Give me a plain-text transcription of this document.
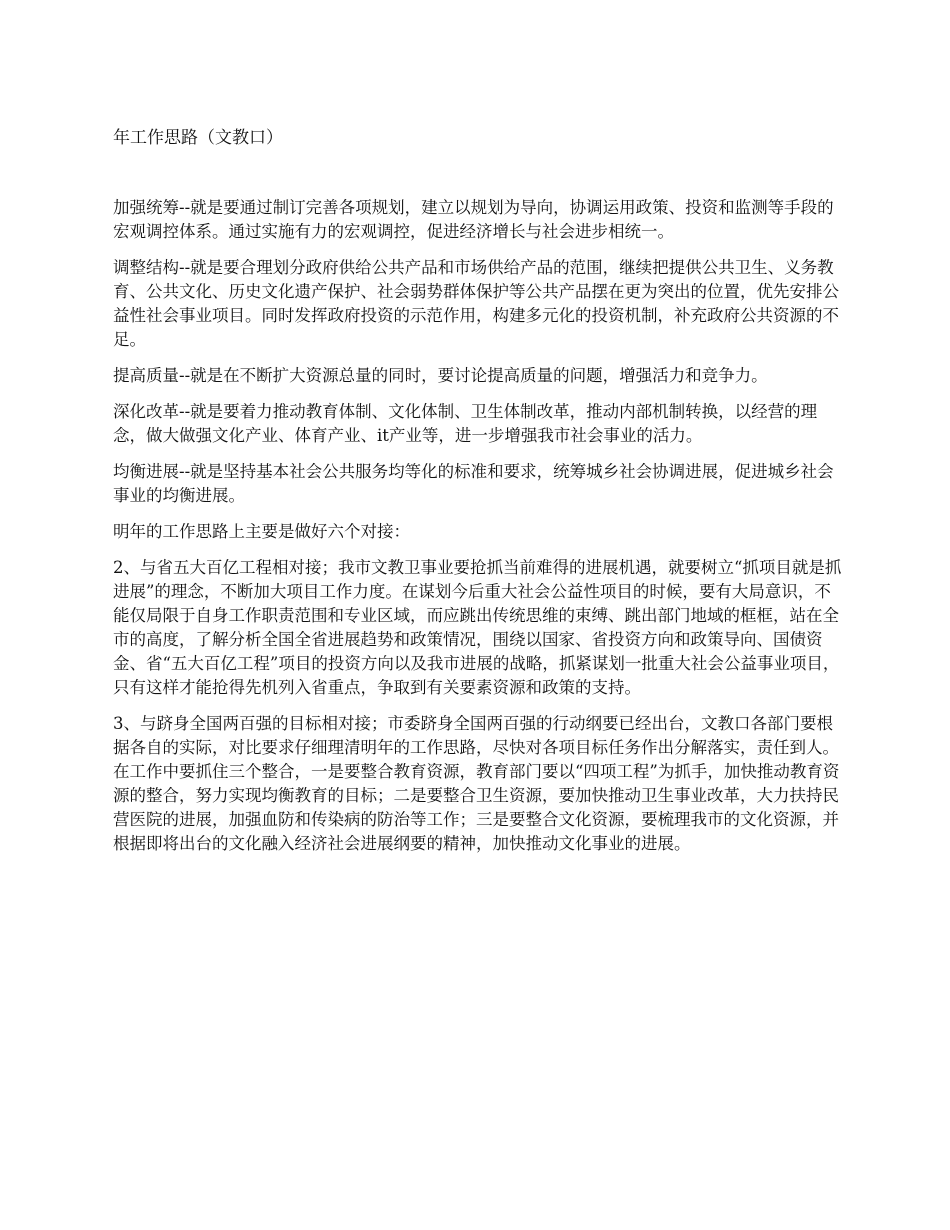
年工作思路（文教口）

加强统筹--就是要通过制订完善各项规划，建立以规划为导向，协调运用政策、投资和监测等手段的宏观调控体系。通过实施有力的宏观调控，促进经济增长与社会进步相统一。

调整结构--就是要合理划分政府供给公共产品和市场供给产品的范围，继续把提供公共卫生、义务教育、公共文化、历史文化遗产保护、社会弱势群体保护等公共产品摆在更为突出的位置，优先安排公益性社会事业项目。同时发挥政府投资的示范作用，构建多元化的投资机制，补充政府公共资源的不足。

提高质量--就是在不断扩大资源总量的同时，要讨论提高质量的问题，增强活力和竞争力。

深化改革--就是要着力推动教育体制、文化体制、卫生体制改革，推动内部机制转换，以经营的理念，做大做强文化产业、体育产业、it产业等，进一步增强我市社会事业的活力。

均衡进展--就是坚持基本社会公共服务均等化的标准和要求，统筹城乡社会协调进展，促进城乡社会事业的均衡进展。

明年的工作思路上主要是做好六个对接：

2、与省五大百亿工程相对接；我市文教卫事业要抢抓当前难得的进展机遇，就要树立“抓项目就是抓进展”的理念，不断加大项目工作力度。在谋划今后重大社会公益性项目的时候，要有大局意识，不能仅局限于自身工作职责范围和专业区域，而应跳出传统思维的束缚、跳出部门地域的框框，站在全市的高度，了解分析全国全省进展趋势和政策情况，围绕以国家、省投资方向和政策导向、国债资金、省“五大百亿工程”项目的投资方向以及我市进展的战略，抓紧谋划一批重大社会公益事业项目，只有这样才能抢得先机列入省重点，争取到有关要素资源和政策的支持。

3、与跻身全国两百强的目标相对接；市委跻身全国两百强的行动纲要已经出台，文教口各部门要根据各自的实际，对比要求仔细理清明年的工作思路，尽快对各项目标任务作出分解落实，责任到人。在工作中要抓住三个整合，一是要整合教育资源，教育部门要以“四项工程”为抓手，加快推动教育资源的整合，努力实现均衡教育的目标；二是要整合卫生资源，要加快推动卫生事业改革，大力扶持民营医院的进展，加强血防和传染病的防治等工作；三是要整合文化资源，要梳理我市的文化资源，并根据即将出台的文化融入经济社会进展纲要的精神，加快推动文化事业的进展。
